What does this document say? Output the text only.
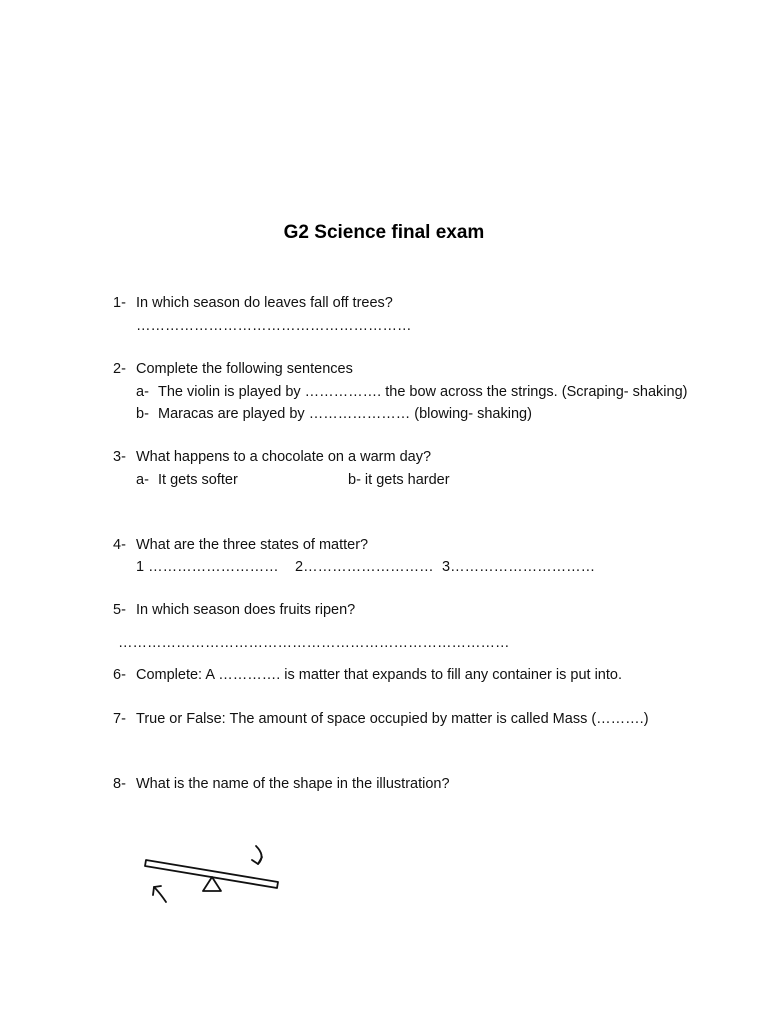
G2 Science final exam
1- In which season do leaves fall off trees?
…………………………………………………
2- Complete the following sentences
a- The violin is played by ……………. the bow across the strings. (Scraping- shaking)
b- Maracas are played by ………………… (blowing- shaking)
3- What happens to a chocolate on a warm day?
a- It gets softer	b- it gets harder
4- What are the three states of matter?
1 ……………………… 2……………………… 3…………………………
5- In which season does fruits ripen?
………………………………………………………………………
6- Complete: A …………. is matter that expands to fill any container is put into.
7- True or False: The amount of space occupied by matter is called Mass (……….)
8- What is the name of the shape in the illustration?
